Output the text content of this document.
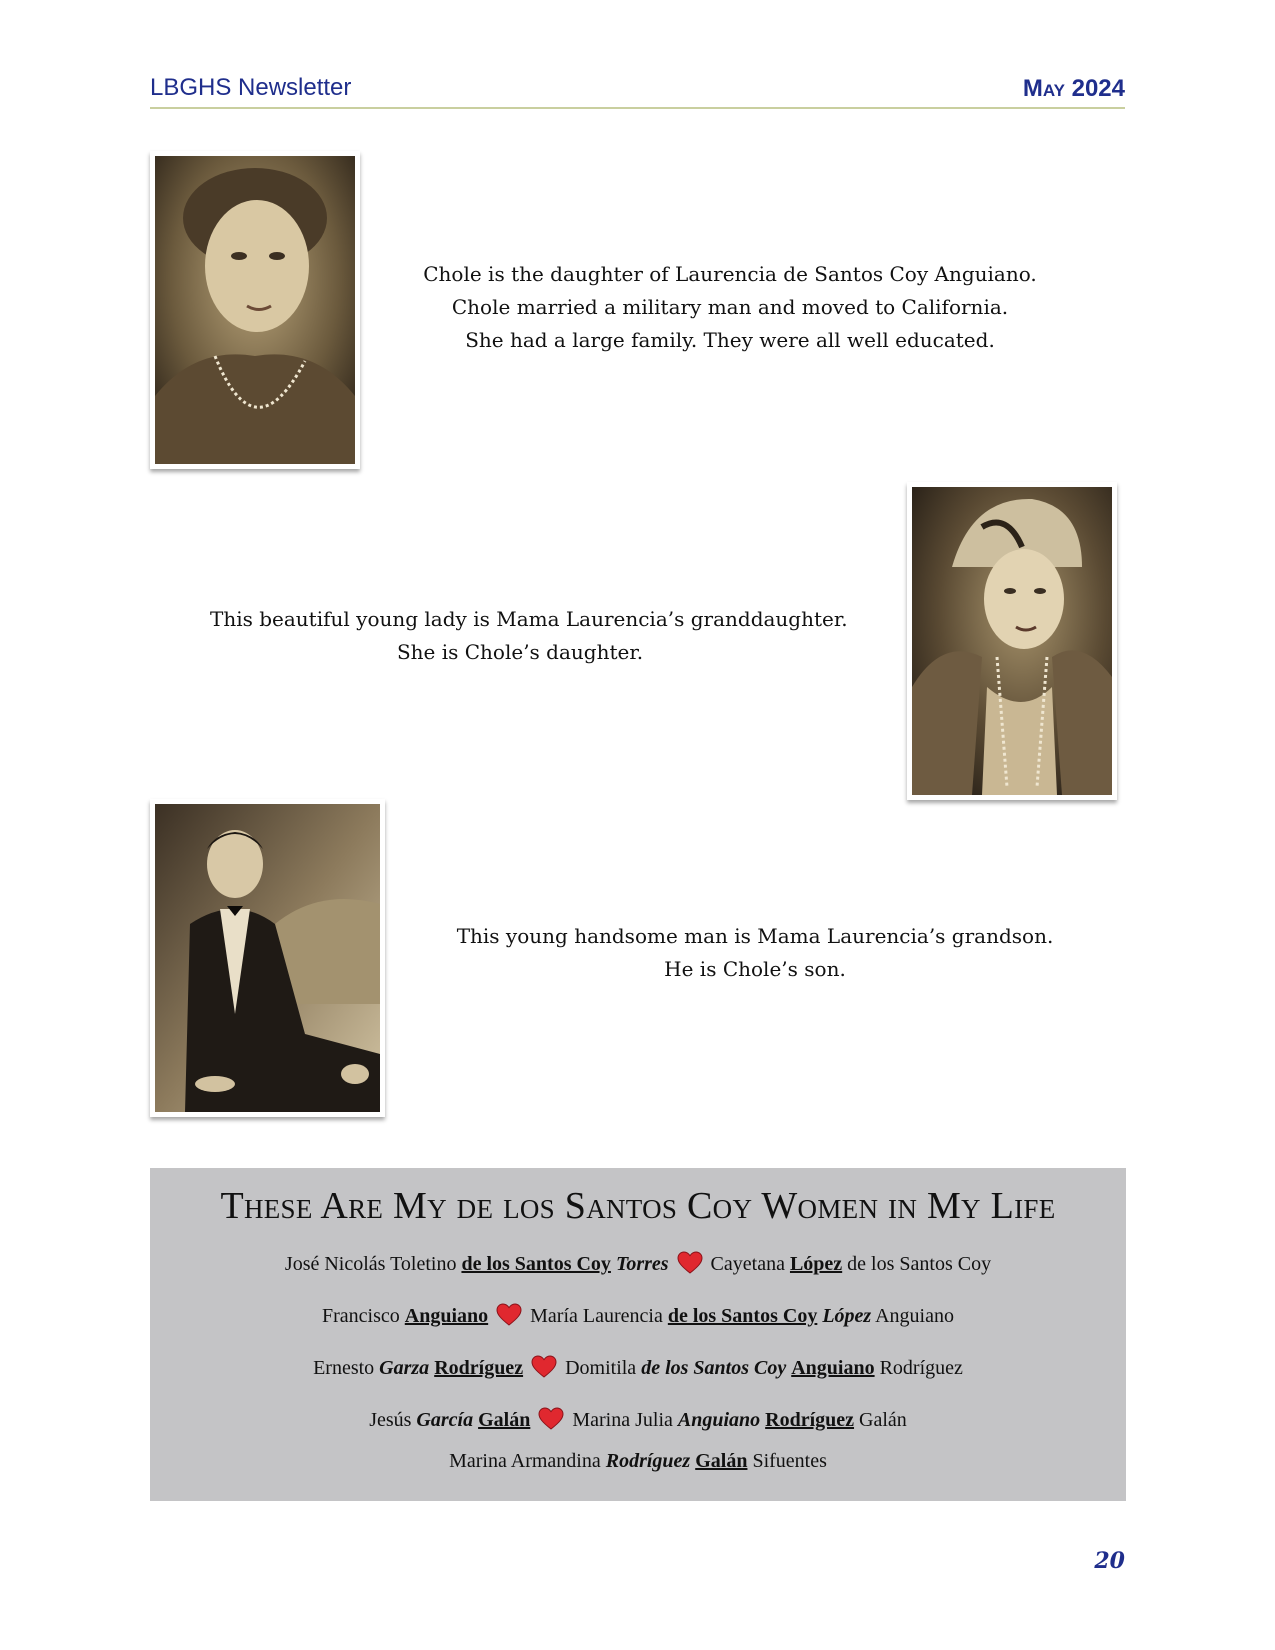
LBGHS Newsletter	May 2024
Chole is the daughter of Laurencia de Santos Coy Anguiano.
Chole married a military man and moved to California.
She had a large family. They were all well educated.
This beautiful young lady is Mama Laurencia’s granddaughter.
She is Chole’s daughter.
This young handsome man is Mama Laurencia’s grandson.
He is Chole’s son.
These Are My de los Santos Coy Women in My Life
José Nicolás Toletino de los Santos Coy Torres Cayetana López de los Santos Coy
Francisco Anguiano María Laurencia de los Santos Coy López Anguiano
Ernesto Garza Rodríguez Domitila de los Santos Coy Anguiano Rodríguez
Jesús García Galán Marina Julia Anguiano Rodríguez Galán
Marina Armandina Rodríguez Galán Sifuentes
20
